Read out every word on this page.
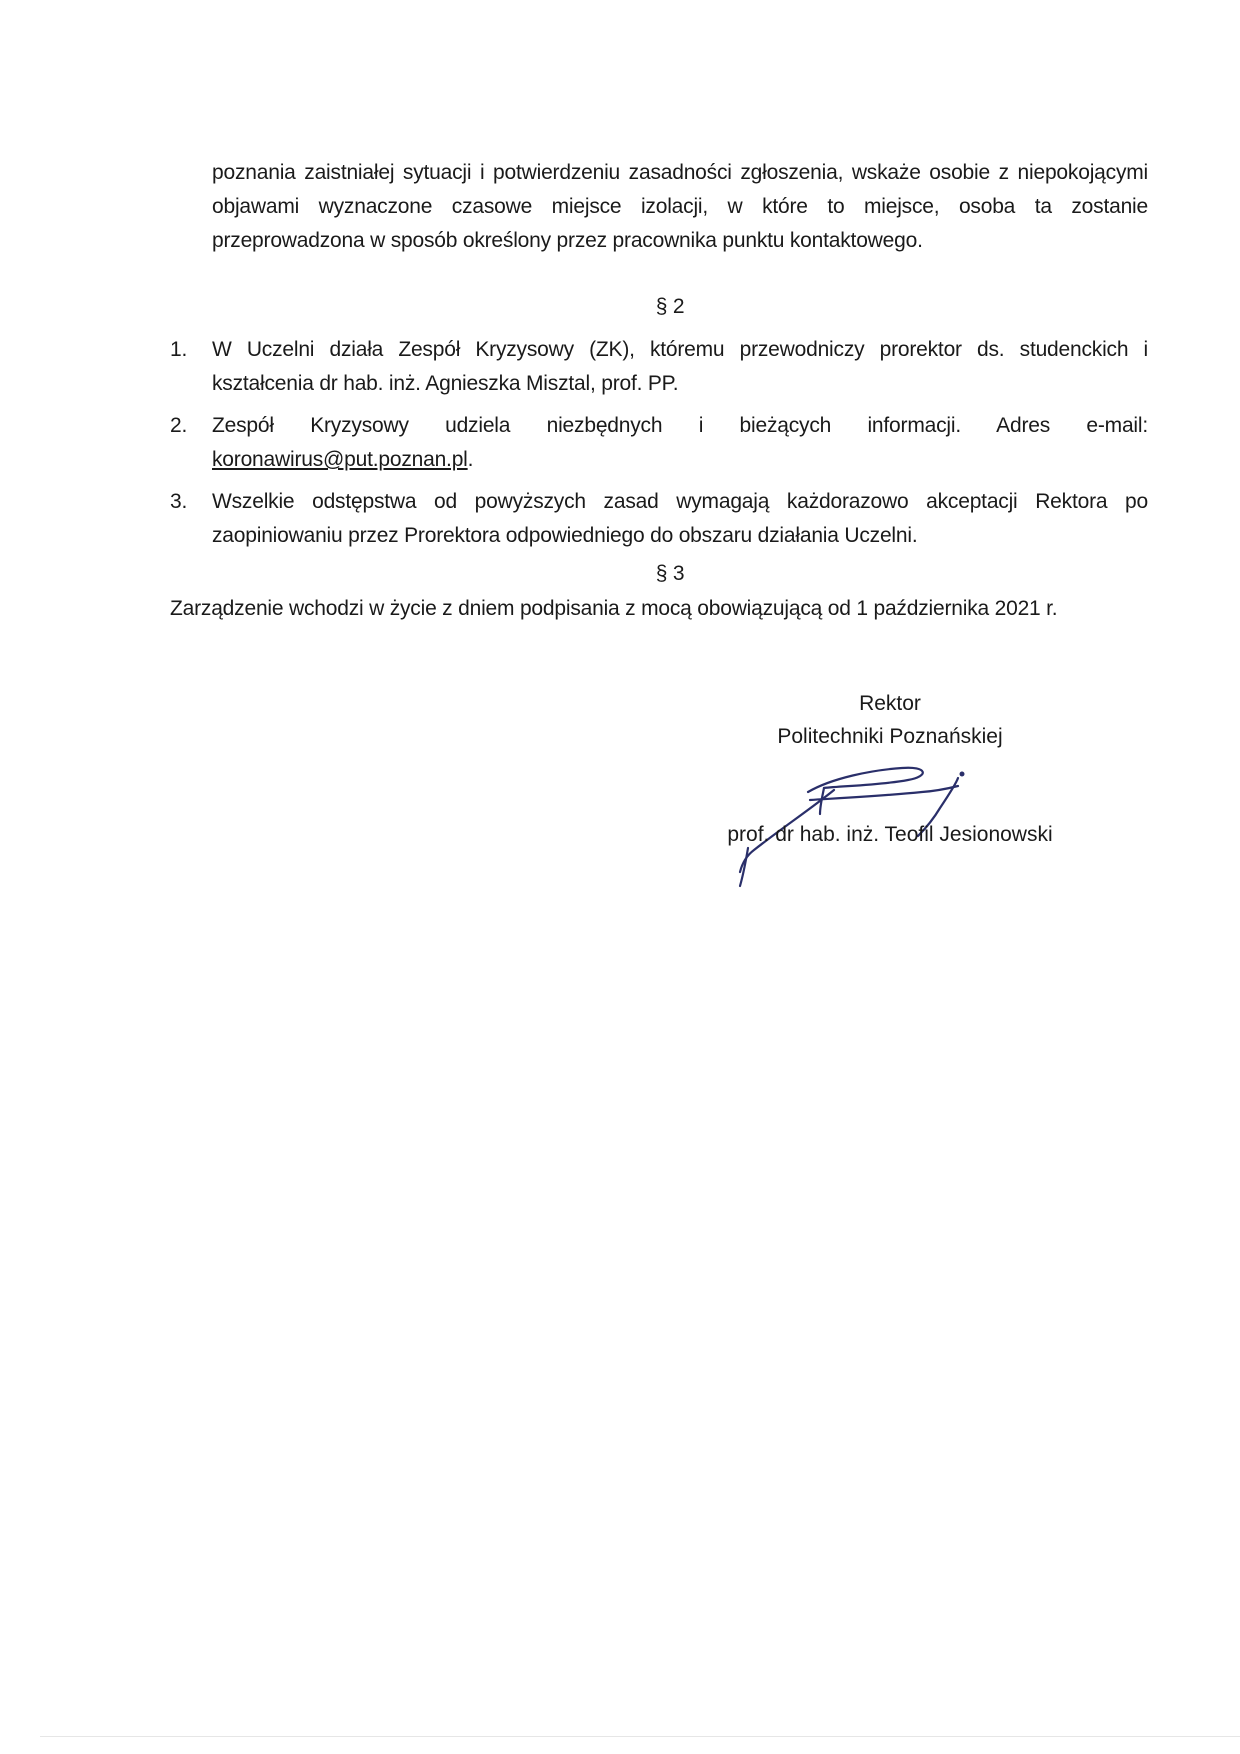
poznania zaistniałej sytuacji i potwierdzeniu zasadności zgłoszenia, wskaże osobie z niepokojącymi objawami wyznaczone czasowe miejsce izolacji, w które to miejsce, osoba ta zostanie przeprowadzona w sposób określony przez pracownika punktu kontaktowego.

§ 2
1.	W Uczelni działa Zespół Kryzysowy (ZK), któremu przewodniczy prorektor ds. studenckich i kształcenia dr hab. inż. Agnieszka Misztal, prof. PP.
2.	Zespół Kryzysowy udziela niezbędnych i bieżących informacji. Adres e-mail: koronawirus@put.poznan.pl.
3.	Wszelkie odstępstwa od powyższych zasad wymagają każdorazowo akceptacji Rektora po zaopiniowaniu przez Prorektora odpowiedniego do obszaru działania Uczelni.
§ 3

Zarządzenie wchodzi w życie z dniem podpisania z mocą obowiązującą od 1 października 2021 r.

Rektor
Politechniki Poznańskiej
prof. dr hab. inż. Teofil Jesionowski
